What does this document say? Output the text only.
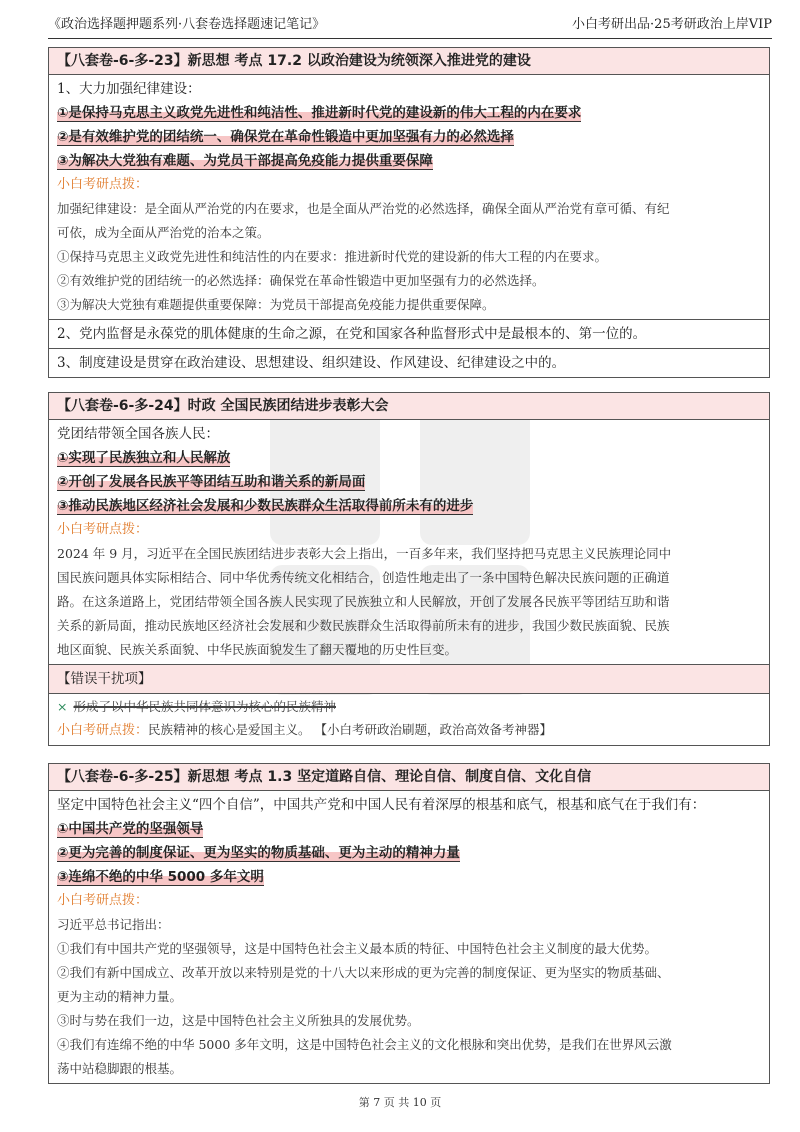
《政治选择题押题系列·八套卷选择题速记笔记》	小白考研出品·25考研政治上岸VIP
【八套卷-6-多-23】新思想 考点 17.2 以政治建设为统领深入推进党的建设
1、大力加强纪律建设：
①是保持马克思主义政党先进性和纯洁性、推进新时代党的建设新的伟大工程的内在要求
②是有效维护党的团结统一、确保党在革命性锻造中更加坚强有力的必然选择
③为解决大党独有难题、为党员干部提高免疫能力提供重要保障
小白考研点拨：
加强纪律建设：是全面从严治党的内在要求，也是全面从严治党的必然选择，确保全面从严治党有章可循、有纪
可依，成为全面从严治党的治本之策。
①保持马克思主义政党先进性和纯洁性的内在要求：推进新时代党的建设新的伟大工程的内在要求。
②有效维护党的团结统一的必然选择：确保党在革命性锻造中更加坚强有力的必然选择。
③为解决大党独有难题提供重要保障：为党员干部提高免疫能力提供重要保障。
2、党内监督是永葆党的肌体健康的生命之源，在党和国家各种监督形式中是最根本的、第一位的。
3、制度建设是贯穿在政治建设、思想建设、组织建设、作风建设、纪律建设之中的。
【八套卷-6-多-24】时政 全国民族团结进步表彰大会
党团结带领全国各族人民：
①实现了民族独立和人民解放
②开创了发展各民族平等团结互助和谐关系的新局面
③推动民族地区经济社会发展和少数民族群众生活取得前所未有的进步
小白考研点拨：
2024 年 9 月，习近平在全国民族团结进步表彰大会上指出，一百多年来，我们坚持把马克思主义民族理论同中
国民族问题具体实际相结合、同中华优秀传统文化相结合，创造性地走出了一条中国特色解决民族问题的正确道
路。在这条道路上，党团结带领全国各族人民实现了民族独立和人民解放，开创了发展各民族平等团结互助和谐
关系的新局面，推动民族地区经济社会发展和少数民族群众生活取得前所未有的进步，我国少数民族面貌、民族
地区面貌、民族关系面貌、中华民族面貌发生了翻天覆地的历史性巨变。
【错误干扰项】
× 形成了以中华民族共同体意识为核心的民族精神
小白考研点拨：民族精神的核心是爱国主义。 【小白考研政治刷题，政治高效备考神器】
【八套卷-6-多-25】新思想 考点 1.3 坚定道路自信、理论自信、制度自信、文化自信
坚定中国特色社会主义“四个自信”，中国共产党和中国人民有着深厚的根基和底气，根基和底气在于我们有：
①中国共产党的坚强领导
②更为完善的制度保证、更为坚实的物质基础、更为主动的精神力量
③连绵不绝的中华 5000 多年文明
小白考研点拨：
习近平总书记指出：
①我们有中国共产党的坚强领导，这是中国特色社会主义最本质的特征、中国特色社会主义制度的最大优势。
②我们有新中国成立、改革开放以来特别是党的十八大以来形成的更为完善的制度保证、更为坚实的物质基础、
更为主动的精神力量。
③时与势在我们一边，这是中国特色社会主义所独具的发展优势。
④我们有连绵不绝的中华 5000 多年文明，这是中国特色社会主义的文化根脉和突出优势，是我们在世界风云激
荡中站稳脚跟的根基。
第 7 页 共 10 页
